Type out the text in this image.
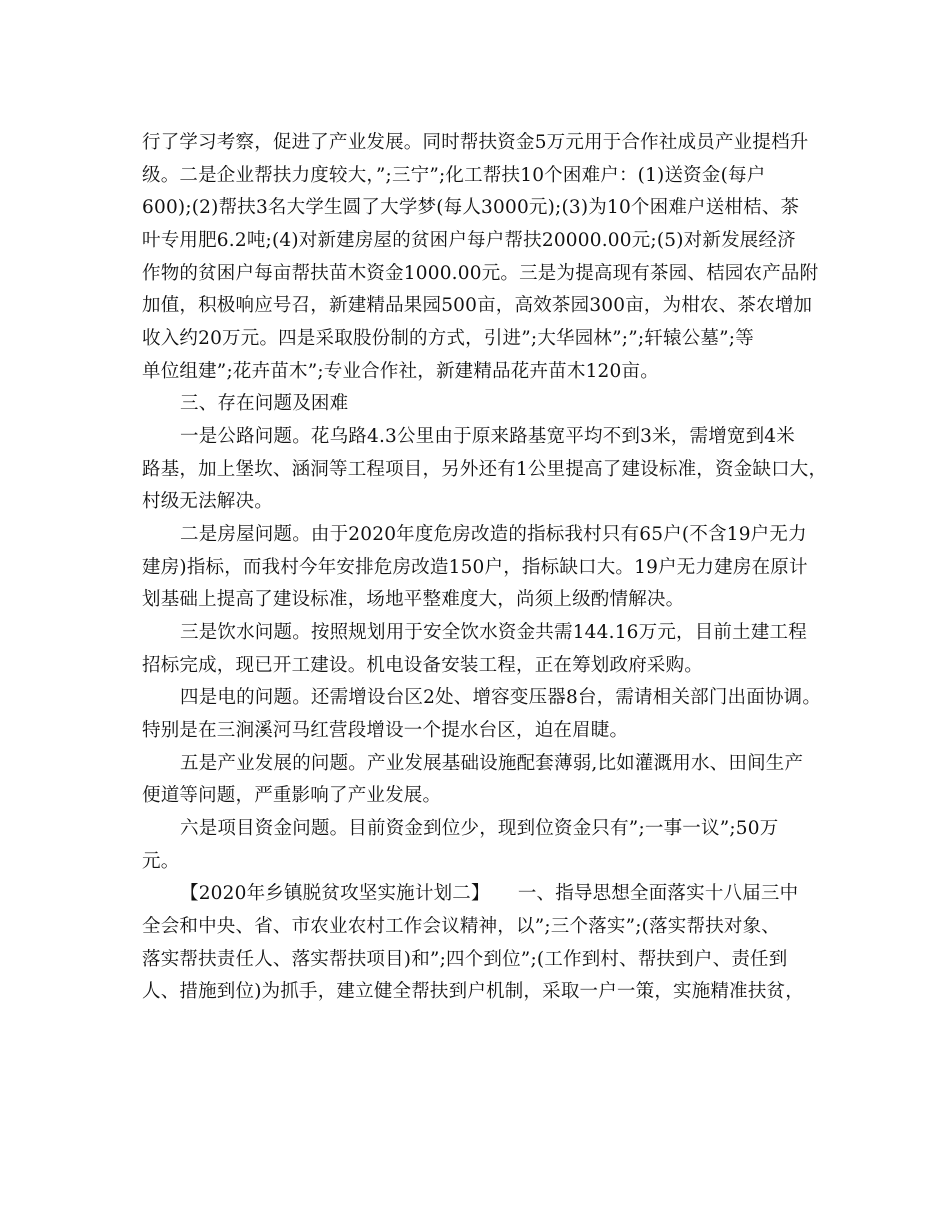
行了学习考察，促进了产业发展。同时帮扶资金5万元用于合作社成员产业提档升
级。二是企业帮扶力度较大，”;三宁”;化工帮扶10个困难户：(1)送资金(每户
600);(2)帮扶3名大学生圆了大学梦(每人3000元);(3)为10个困难户送柑桔、茶
叶专用肥6.2吨;(4)对新建房屋的贫困户每户帮扶20000.00元;(5)对新发展经济
作物的贫困户每亩帮扶苗木资金1000.00元。三是为提高现有茶园、桔园农产品附
加值，积极响应号召，新建精品果园500亩，高效茶园300亩，为柑农、茶农增加
收入约20万元。四是采取股份制的方式，引进”;大华园林”;”;轩辕公墓”;等
单位组建”;花卉苗木”;专业合作社，新建精品花卉苗木120亩。
三、存在问题及困难
一是公路问题。花乌路4.3公里由于原来路基宽平均不到3米，需增宽到4米
路基，加上堡坎、涵洞等工程项目，另外还有1公里提高了建设标准，资金缺口大，
村级无法解决。
二是房屋问题。由于2020年度危房改造的指标我村只有65户(不含19户无力
建房)指标，而我村今年安排危房改造150户，指标缺口大。19户无力建房在原计
划基础上提高了建设标准，场地平整难度大，尚须上级酌情解决。
三是饮水问题。按照规划用于安全饮水资金共需144.16万元，目前土建工程
招标完成，现已开工建设。机电设备安装工程，正在筹划政府采购。
四是电的问题。还需增设台区2处、增容变压器8台，需请相关部门出面协调。
特别是在三涧溪河马红营段增设一个提水台区，迫在眉睫。
五是产业发展的问题。产业发展基础设施配套薄弱,比如灌溉用水、田间生产
便道等问题，严重影响了产业发展。
六是项目资金问题。目前资金到位少，现到位资金只有”;一事一议”;50万
元。
【2020年乡镇脱贫攻坚实施计划二】　　一、指导思想全面落实十八届三中
全会和中央、省、市农业农村工作会议精神，以”;三个落实”;(落实帮扶对象、
落实帮扶责任人、落实帮扶项目)和”;四个到位”;(工作到村、帮扶到户、责任到
人、措施到位)为抓手，建立健全帮扶到户机制，采取一户一策，实施精准扶贫，
